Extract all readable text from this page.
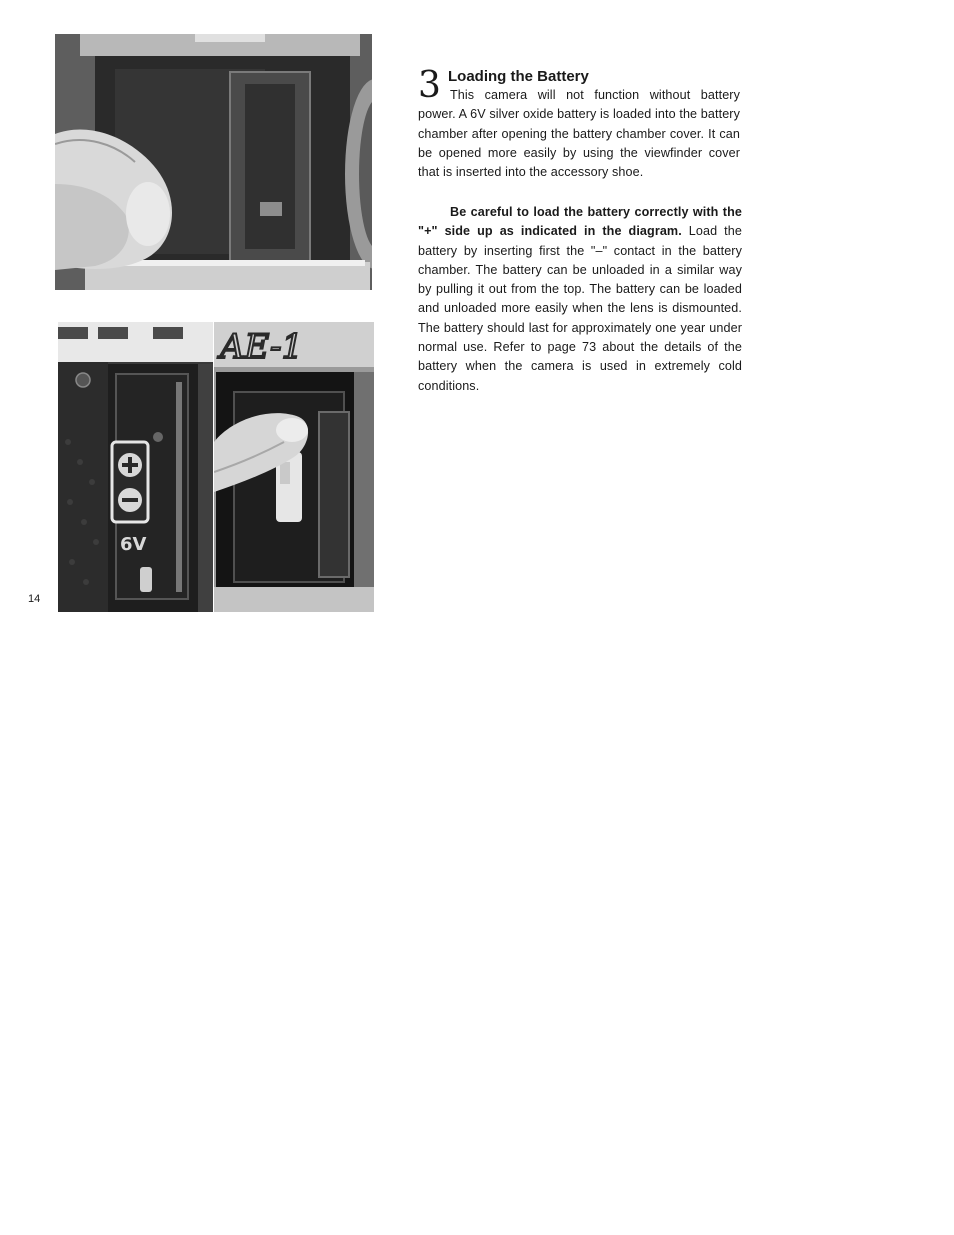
6V
AE-1
3 Loading the Battery

This camera will not function without battery power. A 6V silver oxide battery is loaded into the battery chamber after opening the battery chamber cover. It can be opened more easily by using the viewfinder cover that is inserted into the accessory shoe.

Be careful to load the battery correctly with the "+" side up as indicated in the diagram. Load the battery by inserting first the "–" contact in the battery chamber. The battery can be unloaded in a similar way by pulling it out from the top. The battery can be loaded and unloaded more easily when the lens is dismounted. The battery should last for approximately one year under normal use. Refer to page 73 about the details of the battery when the camera is used in extremely cold conditions.

14
